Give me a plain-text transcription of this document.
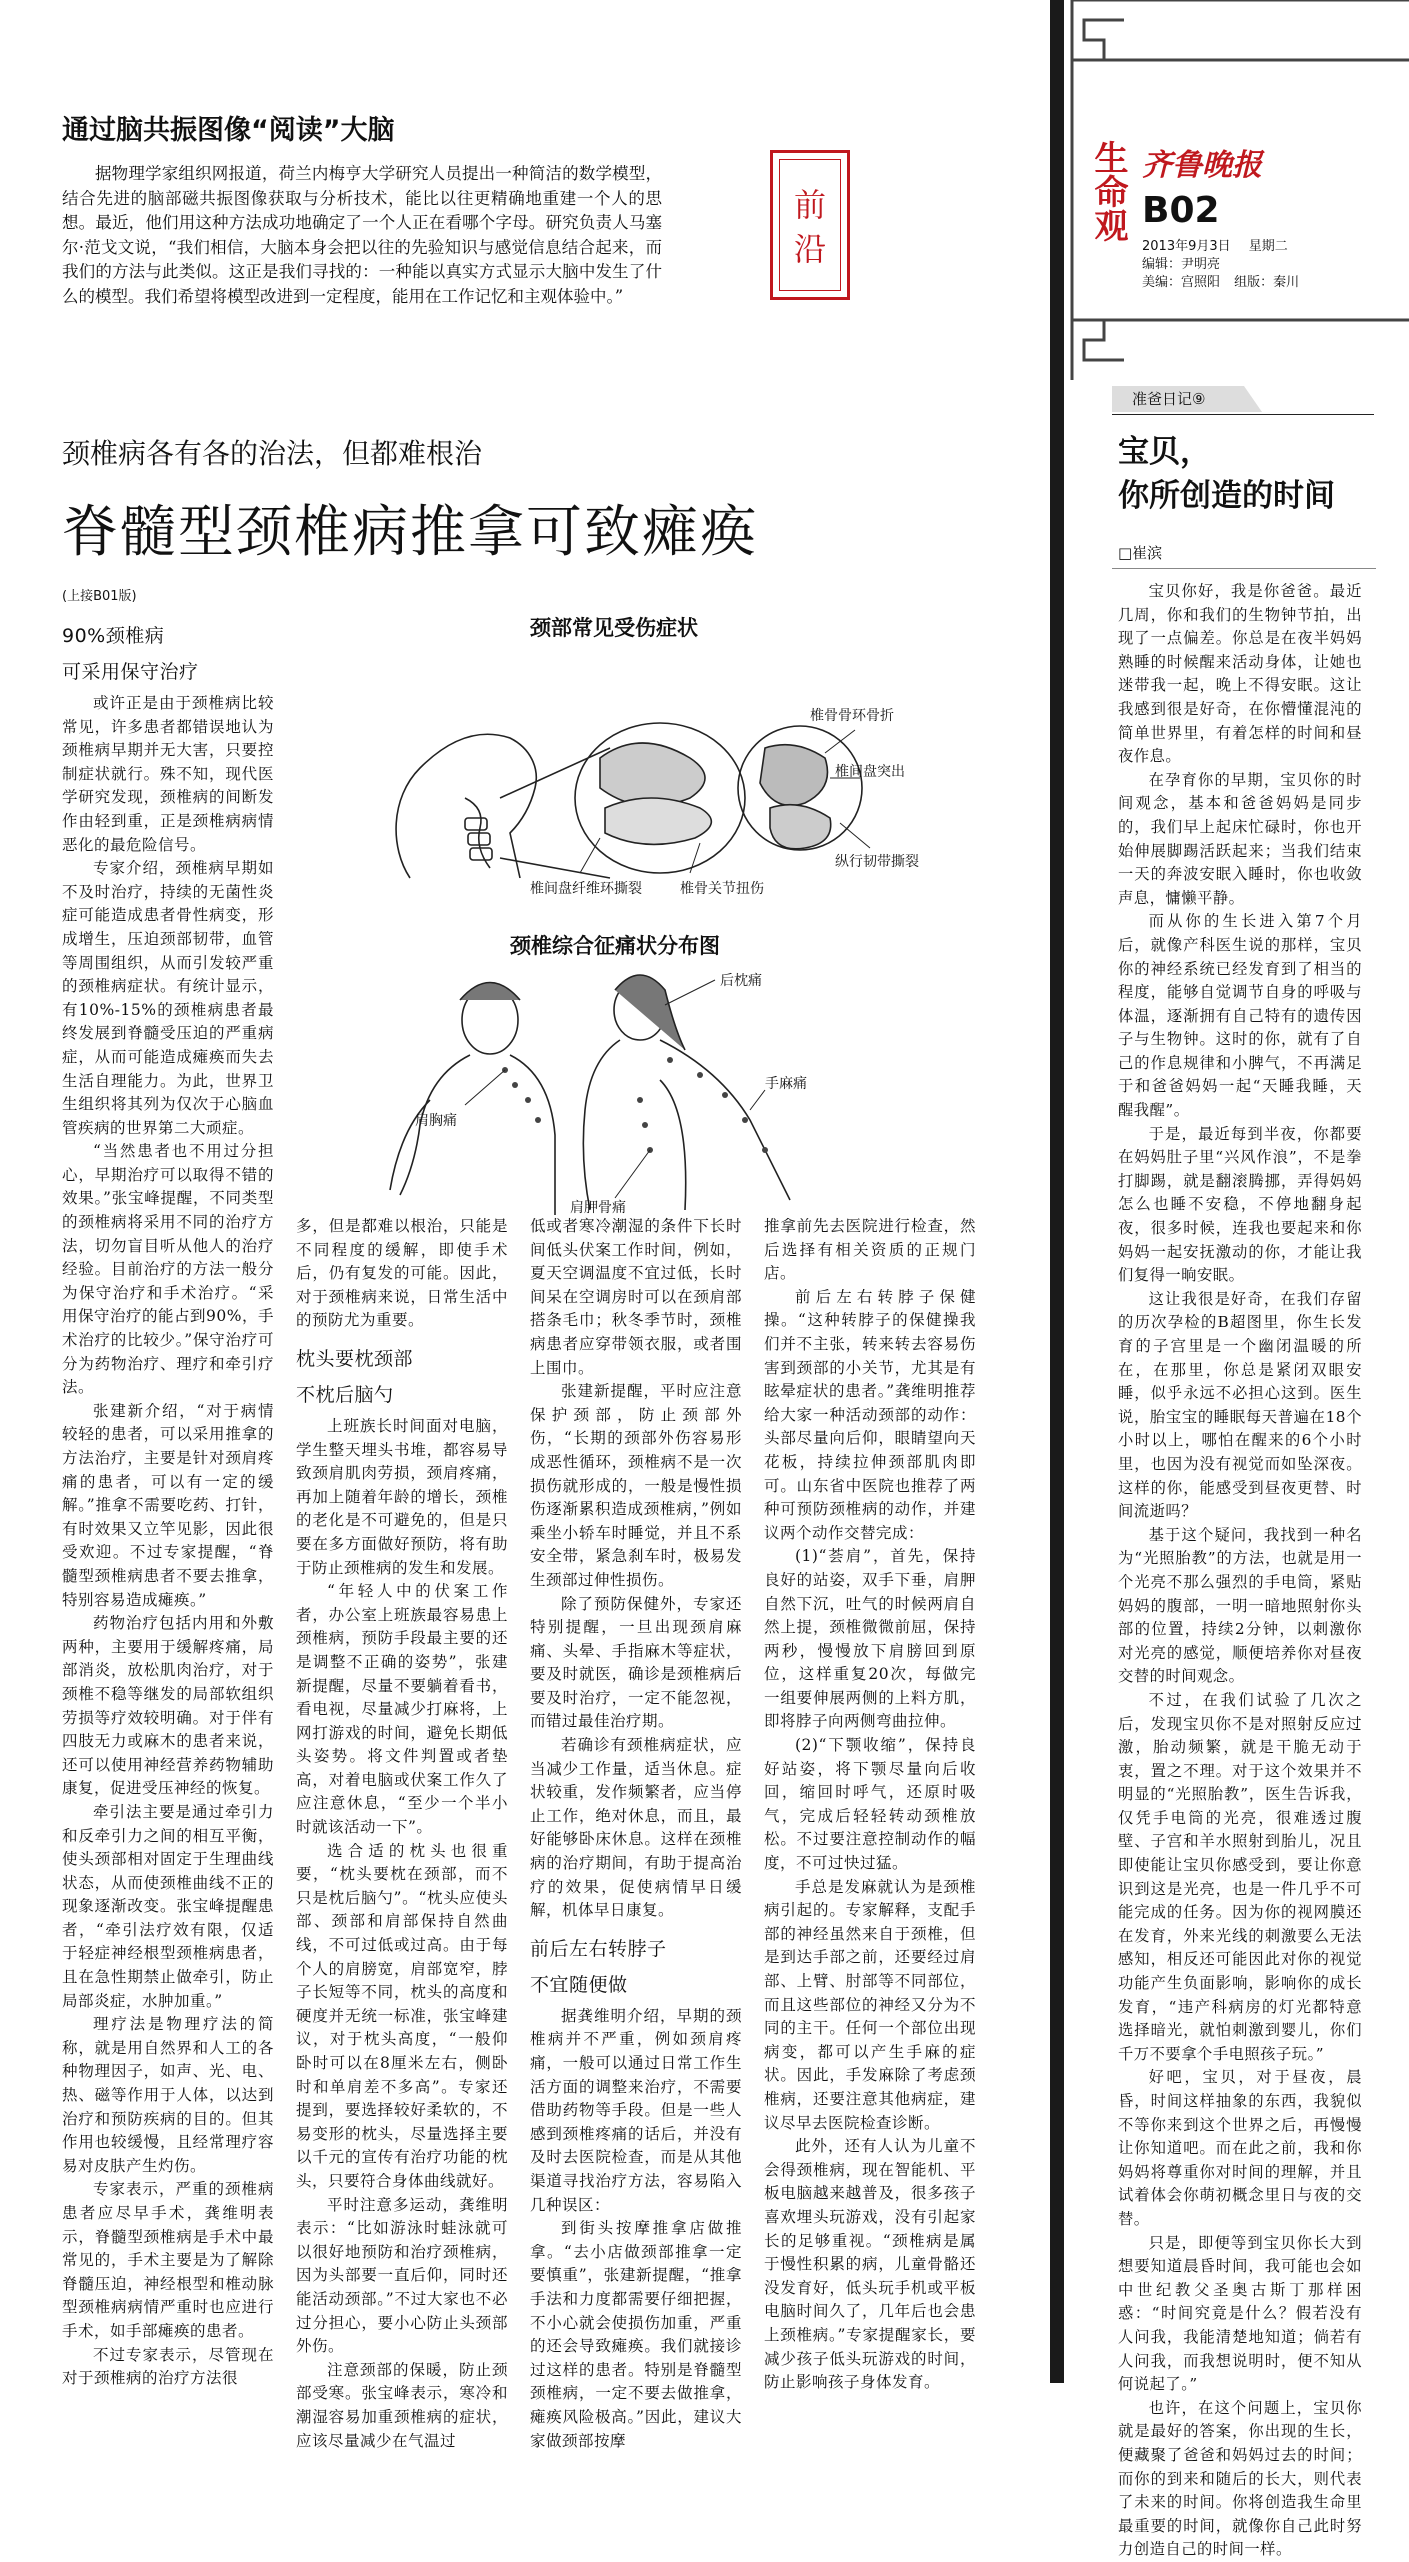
生命观 齐鲁晚报
B02
2013年9月3日 星期二
编辑：尹明亮
美编：宫照阳 组版：秦川
通过脑共振图像“阅读”大脑
据物理学家组织网报道，荷兰内梅亨大学研究人员提出一种简洁的数学模型，结合先进的脑部磁共振图像获取与分析技术，能比以往更精确地重建一个人的思想。最近，他们用这种方法成功地确定了一个人正在看哪个字母。研究负责人马塞尔·范戈文说，“我们相信，大脑本身会把以往的先验知识与感觉信息结合起来，而我们的方法与此类似。这正是我们寻找的：一种能以真实方式显示大脑中发生了什么的模型。我们希望将模型改进到一定程度，能用在工作记忆和主观体验中。”
前
沿
颈椎病各有各的治法，但都难根治
脊髓型颈椎病推拿可致瘫痪
(上接B01版)
颈部常见受伤症状
椎骨骨环骨折
椎间盘突出
纵行韧带撕裂
椎间盘纤维环撕裂	椎骨关节扭伤
颈椎综合征痛状分布图
后枕痛
手麻痛
肩胸痛
肩胛骨痛
90%颈椎病
可采用保守治疗

或许正是由于颈椎病比较常见，许多患者都错误地认为颈椎病早期并无大害，只要控制症状就行。殊不知，现代医学研究发现，颈椎病的间断发作由轻到重，正是颈椎病病情恶化的最危险信号。

专家介绍，颈椎病早期如不及时治疗，持续的无菌性炎症可能造成患者骨性病变，形成增生，压迫颈部韧带，血管等周围组织，从而引发较严重的颈椎病症状。有统计显示，有10%-15%的颈椎病患者最终发展到脊髓受压迫的严重病症，从而可能造成瘫痪而失去生活自理能力。为此，世界卫生组织将其列为仅次于心脑血管疾病的世界第二大顽症。

“当然患者也不用过分担心，早期治疗可以取得不错的效果。”张宝峰提醒，不同类型的颈椎病将采用不同的治疗方法，切勿盲目听从他人的治疗经验。目前治疗的方法一般分为保守治疗和手术治疗。“采用保守治疗的能占到90%，手术治疗的比较少。”保守治疗可分为药物治疗、理疗和牵引疗法。

张建新介绍，“对于病情较轻的患者，可以采用推拿的方法治疗，主要是针对颈肩疼痛的患者，可以有一定的缓解。”推拿不需要吃药、打针，有时效果又立竿见影，因此很受欢迎。不过专家提醒，“脊髓型颈椎病患者不要去推拿，特别容易造成瘫痪。”

药物治疗包括内用和外敷两种，主要用于缓解疼痛，局部消炎，放松肌肉治疗，对于颈椎不稳等继发的局部软组织劳损等疗效较明确。对于伴有四肢无力或麻木的患者来说，还可以使用神经营养药物辅助康复，促进受压神经的恢复。

牵引法主要是通过牵引力和反牵引力之间的相互平衡，使头颈部相对固定于生理曲线状态，从而使颈椎曲线不正的现象逐渐改变。张宝峰提醒患者，“牵引法疗效有限，仅适于轻症神经根型颈椎病患者，且在急性期禁止做牵引，防止局部炎症，水肿加重。”

理疗法是物理疗法的简称，就是用自然界和人工的各种物理因子，如声、光、电、热、磁等作用于人体，以达到治疗和预防疾病的目的。但其作用也较缓慢，且经常理疗容易对皮肤产生灼伤。

专家表示，严重的颈椎病患者应尽早手术，龚维明表示，脊髓型颈椎病是手术中最常见的，手术主要是为了解除脊髓压迫，神经根型和椎动脉型颈椎病病情严重时也应进行手术，如手部瘫痪的患者。

不过专家表示，尽管现在对于颈椎病的治疗方法很

多，但是都难以根治，只能是不同程度的缓解，即使手术后，仍有复发的可能。因此，对于颈椎病来说，日常生活中的预防尤为重要。

枕头要枕颈部
不枕后脑勺

上班族长时间面对电脑，学生整天埋头书堆，都容易导致颈肩肌肉劳损，颈肩疼痛，再加上随着年龄的增长，颈椎的老化是不可避免的，但是只要在多方面做好预防，将有助于防止颈椎病的发生和发展。

“年轻人中的伏案工作者，办公室上班族最容易患上颈椎病，预防手段最主要的还是调整不正确的姿势”，张建新提醒，尽量不要躺着看书，看电视，尽量减少打麻将，上网打游戏的时间，避免长期低头姿势。将文件判置或者垫高，对着电脑或伏案工作久了应注意休息，“至少一个半小时就该活动一下”。

选合适的枕头也很重要，“枕头要枕在颈部，而不只是枕后脑勺”。“枕头应使头部、颈部和肩部保持自然曲线，不可过低或过高。由于每个人的肩膀宽，肩部宽窄，脖子长短等不同，枕头的高度和硬度并无统一标准，张宝峰建议，对于枕头高度，“一般仰卧时可以在8厘米左右，侧卧时和单肩差不多高”。专家还提到，要选择较好柔软的，不易变形的枕头，尽量选择主要以千元的宣传有治疗功能的枕头，只要符合身体曲线就好。

平时注意多运动，龚维明表示：“比如游泳时蛙泳就可以很好地预防和治疗颈椎病，因为头部要一直后仰，同时还能活动颈部。”不过大家也不必过分担心，要小心防止头颈部外伤。

注意颈部的保暖，防止颈部受寒。张宝峰表示，寒冷和潮湿容易加重颈椎病的症状，应该尽量减少在气温过

低或者寒冷潮湿的条件下长时间低头伏案工作时间，例如，夏天空调温度不宜过低，长时间呆在空调房时可以在颈肩部搭条毛巾；秋冬季节时，颈椎病患者应穿带领衣服，或者围上围巾。

张建新提醒，平时应注意保护颈部，防止颈部外伤，“长期的颈部外伤容易形成恶性循环，颈椎病不是一次损伤就形成的，一般是慢性损伤逐渐累积造成颈椎病，”例如乘坐小轿车时睡觉，并且不系安全带，紧急刹车时，极易发生颈部过伸性损伤。

除了预防保健外，专家还特别提醒，一旦出现颈肩麻痛、头晕、手指麻木等症状，要及时就医，确诊是颈椎病后要及时治疗，一定不能忽视，而错过最佳治疗期。

若确诊有颈椎病症状，应当减少工作量，适当休息。症状较重，发作频繁者，应当停止工作，绝对休息，而且，最好能够卧床休息。这样在颈椎病的治疗期间，有助于提高治疗的效果，促使病情早日缓解，机体早日康复。

前后左右转脖子
不宜随便做

据龚维明介绍，早期的颈椎病并不严重，例如颈肩疼痛，一般可以通过日常工作生活方面的调整来治疗，不需要借助药物等手段。但是一些人感到颈椎疼痛的话后，并没有及时去医院检查，而是从其他渠道寻找治疗方法，容易陷入几种误区：

到街头按摩推拿店做推拿。“去小店做颈部推拿一定要慎重”，张建新提醒，“推拿手法和力度都需要仔细把握，不小心就会使损伤加重，严重的还会导致瘫痪。我们就接诊过这样的患者。特别是脊髓型颈椎病，一定不要去做推拿，瘫痪风险极高。”因此，建议大家做颈部按摩

推拿前先去医院进行检查，然后选择有相关资质的正规门店。

前后左右转脖子保健操。“这种转脖子的保健操我们并不主张，转来转去容易伤害到颈部的小关节，尤其是有眩晕症状的患者。”龚维明推荐给大家一种活动颈部的动作：头部尽量向后仰，眼睛望向天花板，持续拉伸颈部肌肉即可。山东省中医院也推荐了两种可预防颈椎病的动作，并建议两个动作交替完成：

(1)“荟肩”，首先，保持良好的站姿，双手下垂，肩胛自然下沉，吐气的时候两肩自然上提，颈椎微微前屈，保持两秒，慢慢放下肩膀回到原位，这样重复20次，每做完一组要伸展两侧的上料方肌，即将脖子向两侧弯曲拉伸。

(2)“下颚收缩”，保持良好站姿，将下颚尽量向后收回，缩回时呼气，还原时吸气，完成后轻轻转动颈椎放松。不过要注意控制动作的幅度，不可过快过猛。

手总是发麻就认为是颈椎病引起的。专家解释，支配手部的神经虽然来自于颈椎，但是到达手部之前，还要经过肩部、上臂、肘部等不同部位，而且这些部位的神经又分为不同的主干。任何一个部位出现病变，都可以产生手麻的症状。因此，手发麻除了考虑颈椎病，还要注意其他病症，建议尽早去医院检查诊断。

此外，还有人认为儿童不会得颈椎病，现在智能机、平板电脑越来越普及，很多孩子喜欢埋头玩游戏，没有引起家长的足够重视。“颈椎病是属于慢性积累的病，儿童骨骼还没发育好，低头玩手机或平板电脑时间久了，几年后也会患上颈椎病。”专家提醒家长，要减少孩子低头玩游戏的时间，防止影响孩子身体发育。

准爸日记⑨
宝贝，
你所创造的时间
□崔滨

宝贝你好，我是你爸爸。最近几周，你和我们的生物钟节拍，出现了一点偏差。你总是在夜半妈妈熟睡的时候醒来活动身体，让她也迷带我一起，晚上不得安眠。这让我感到很是好奇，在你懵懂混沌的简单世界里，有着怎样的时间和昼夜作息。

在孕育你的早期，宝贝你的时间观念，基本和爸爸妈妈是同步的，我们早上起床忙碌时，你也开始伸展脚踢活跃起来；当我们结束一天的奔波安眠入睡时，你也收敛声息，慵懒平静。

而从你的生长进入第7个月后，就像产科医生说的那样，宝贝你的神经系统已经发育到了相当的程度，能够自觉调节自身的呼吸与体温，逐渐拥有自己特有的遗传因子与生物钟。这时的你，就有了自己的作息规律和小脾气，不再满足于和爸爸妈妈一起“天睡我睡，天醒我醒”。

于是，最近每到半夜，你都要在妈妈肚子里“兴风作浪”，不是拳打脚踢，就是翻滚腾挪，弄得妈妈怎么也睡不安稳，不停地翻身起夜，很多时候，连我也要起来和你妈妈一起安抚激动的你，才能让我们复得一晌安眠。

这让我很是好奇，在我们存留的历次孕检的B超图里，你生长发育的子宫里是一个幽闭温暖的所在，在那里，你总是紧闭双眼安睡，似乎永远不必担心这到。医生说，胎宝宝的睡眠每天普遍在18个小时以上，哪怕在醒来的6个小时里，也因为没有视觉而如坠深夜。这样的你，能感受到昼夜更替、时间流逝吗？

基于这个疑问，我找到一种名为“光照胎教”的方法，也就是用一个光亮不那么强烈的手电筒，紧贴妈妈的腹部，一明一暗地照射你头部的位置，持续2分钟，以刺激你对光亮的感觉，顺便培养你对昼夜交替的时间观念。

不过，在我们试验了几次之后，发现宝贝你不是对照射反应过激，胎动频繁，就是干脆无动于衷，置之不理。对于这个效果并不明显的“光照胎教”，医生告诉我，仅凭手电筒的光亮，很难透过腹壁、子宫和羊水照射到胎儿，况且即使能让宝贝你感受到，要让你意识到这是光亮，也是一件几乎不可能完成的任务。因为你的视网膜还在发育，外来光线的刺激要么无法感知，相反还可能因此对你的视觉功能产生负面影响，影响你的成长发育，“违产科病房的灯光都特意选择暗光，就怕刺激到婴儿，你们千万不要拿个手电照孩子玩。”

好吧，宝贝，对于昼夜，晨昏，时间这样抽象的东西，我貌似不等你来到这个世界之后，再慢慢让你知道吧。而在此之前，我和你妈妈将尊重你对时间的理解，并且试着体会你萌初概念里日与夜的交替。

只是，即便等到宝贝你长大到想要知道晨昏时间，我可能也会如中世纪教父圣奥古斯丁那样困惑：“时间究竟是什么？假若没有人问我，我能清楚地知道；倘若有人问我，而我想说明时，便不知从何说起了。”

也许，在这个问题上，宝贝你就是最好的答案，你出现的生长，便藏聚了爸爸和妈妈过去的时间；而你的到来和随后的长大，则代表了未来的时间。你将创造我生命里最重要的时间，就像你自己此时努力创造自己的时间一样。
